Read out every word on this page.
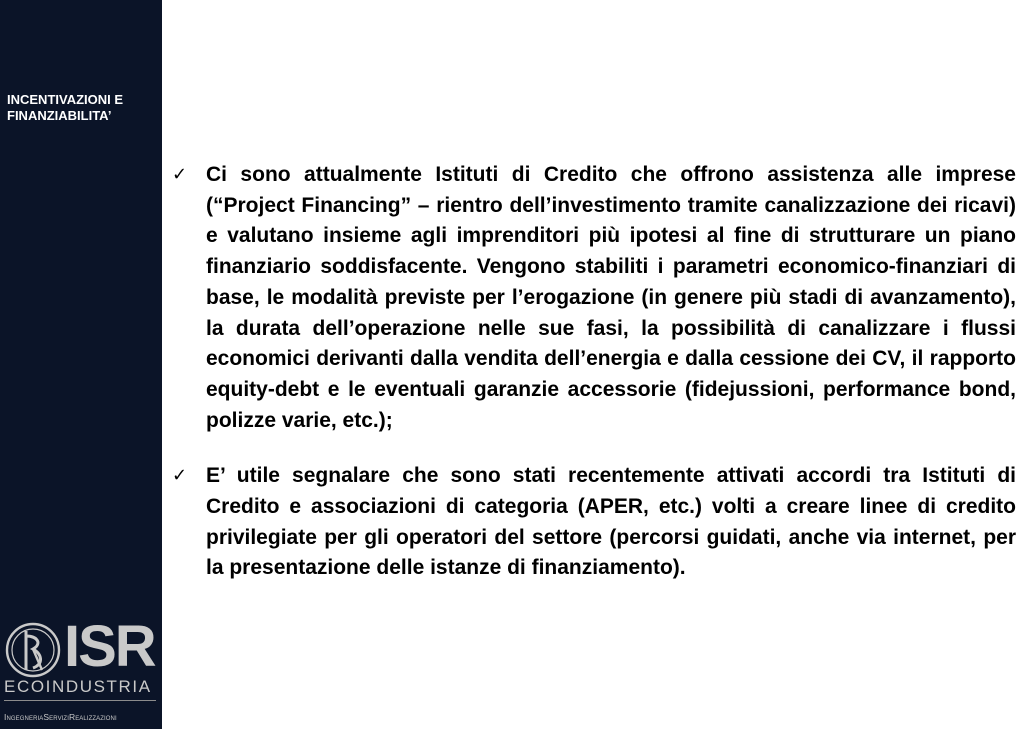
INCENTIVAZIONI E
FINANZIABILITA’
ISR
ECOINDUSTRIA
IngegneriaServiziRealizzazioni
✓ Ci sono attualmente Istituti di Credito che offrono assistenza alle imprese (“Project Financing” – rientro dell’investimento tramite canalizzazione dei ricavi) e valutano insieme agli imprenditori più ipotesi al fine di strutturare un piano finanziario soddisfacente. Vengono stabiliti i parametri economico-finanziari di base, le modalità previste per l’erogazione (in genere più stadi di avanzamento), la durata dell’operazione nelle sue fasi, la possibilità di canalizzare i flussi economici derivanti dalla vendita dell’energia e dalla cessione dei CV, il rapporto equity-debt e le eventuali garanzie accessorie (fidejussioni, performance bond, polizze varie, etc.);
✓ E’ utile segnalare che sono stati recentemente attivati accordi tra Istituti di Credito e associazioni di categoria (APER, etc.) volti a creare linee di credito privilegiate per gli operatori del settore (percorsi guidati, anche via internet, per la presentazione delle istanze di finanziamento).
